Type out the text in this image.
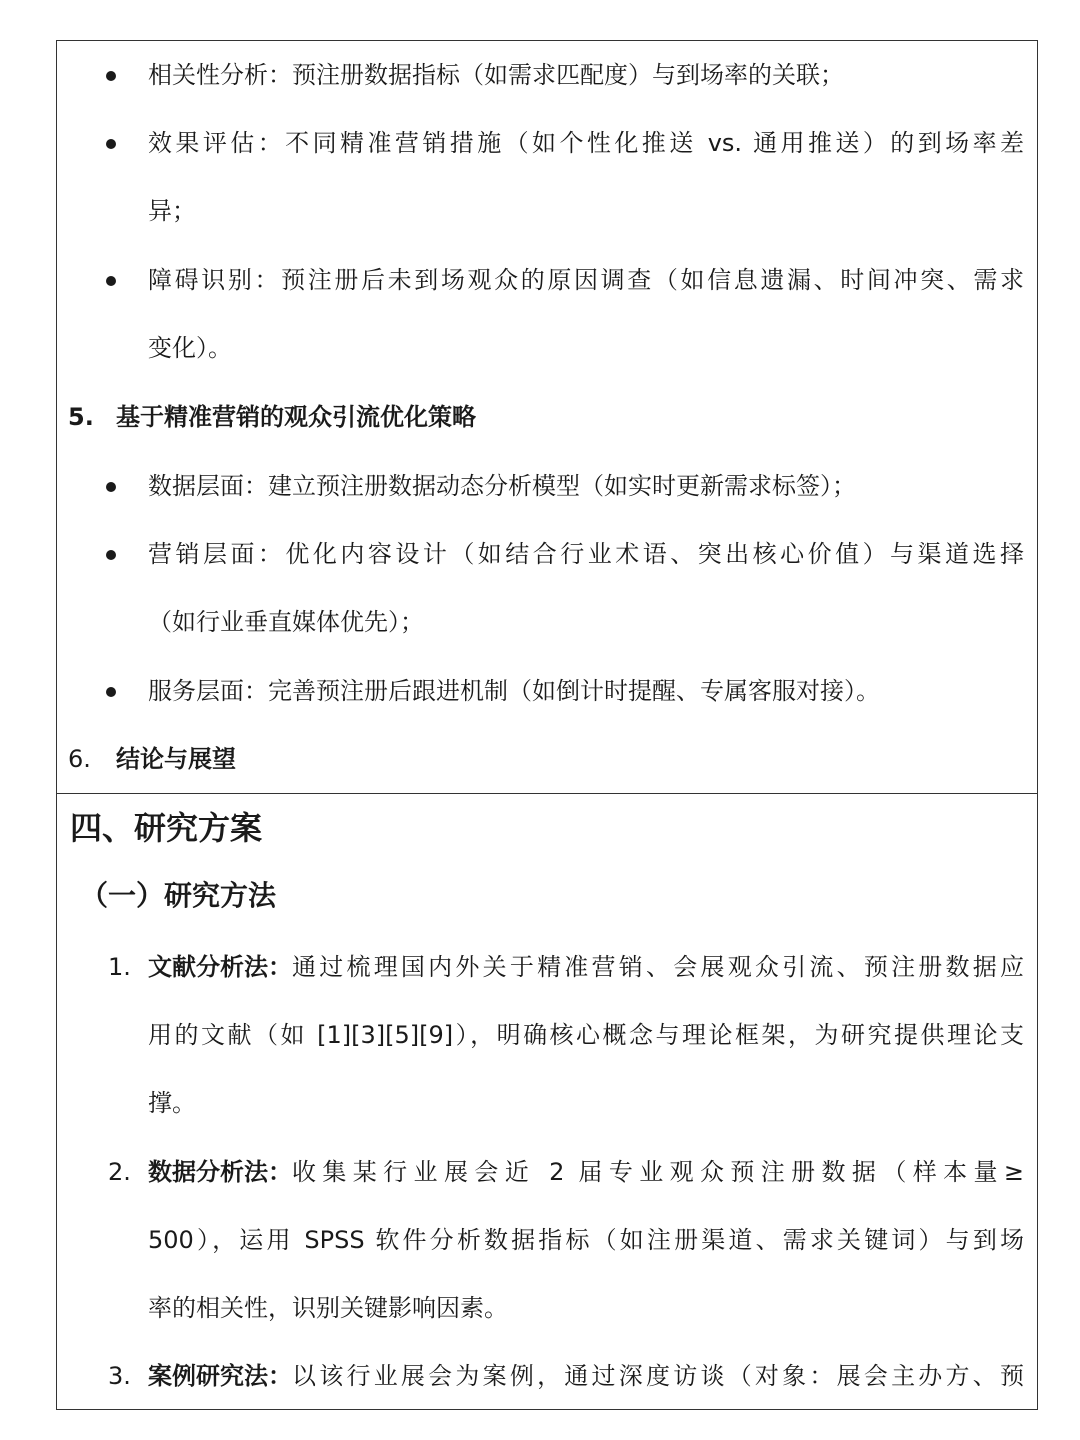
相关性分析：预注册数据指标（如需求匹配度）与到场率的关联；
效果评估：不同精准营销措施（如个性化推送 vs. 通用推送）的到场率差
异；
障碍识别：预注册后未到场观众的原因调查（如信息遗漏、时间冲突、需求
变化）。
5. 基于精准营销的观众引流优化策略
数据层面：建立预注册数据动态分析模型（如实时更新需求标签）；
营销层面：优化内容设计（如结合行业术语、突出核心价值）与渠道选择
（如行业垂直媒体优先）；
服务层面：完善预注册后跟进机制（如倒计时提醒、专属客服对接）。
6. 结论与展望
四、研究方案
（一）研究方法
1. 文献分析法： 通过梳理国内外关于精准营销、会展观众引流、预注册数据应
用的文献（如 [1][3][5][9]），明确核心概念与理论框架，为研究提供理论支
撑。
2. 数据分析法： 收集某行业展会近 2 届专业观众预注册数据（样本量≥
500），运用 SPSS 软件分析数据指标（如注册渠道、需求关键词）与到场
率的相关性，识别关键影响因素。
3. 案例研究法： 以该行业展会为案例，通过深度访谈（对象：展会主办方、预
